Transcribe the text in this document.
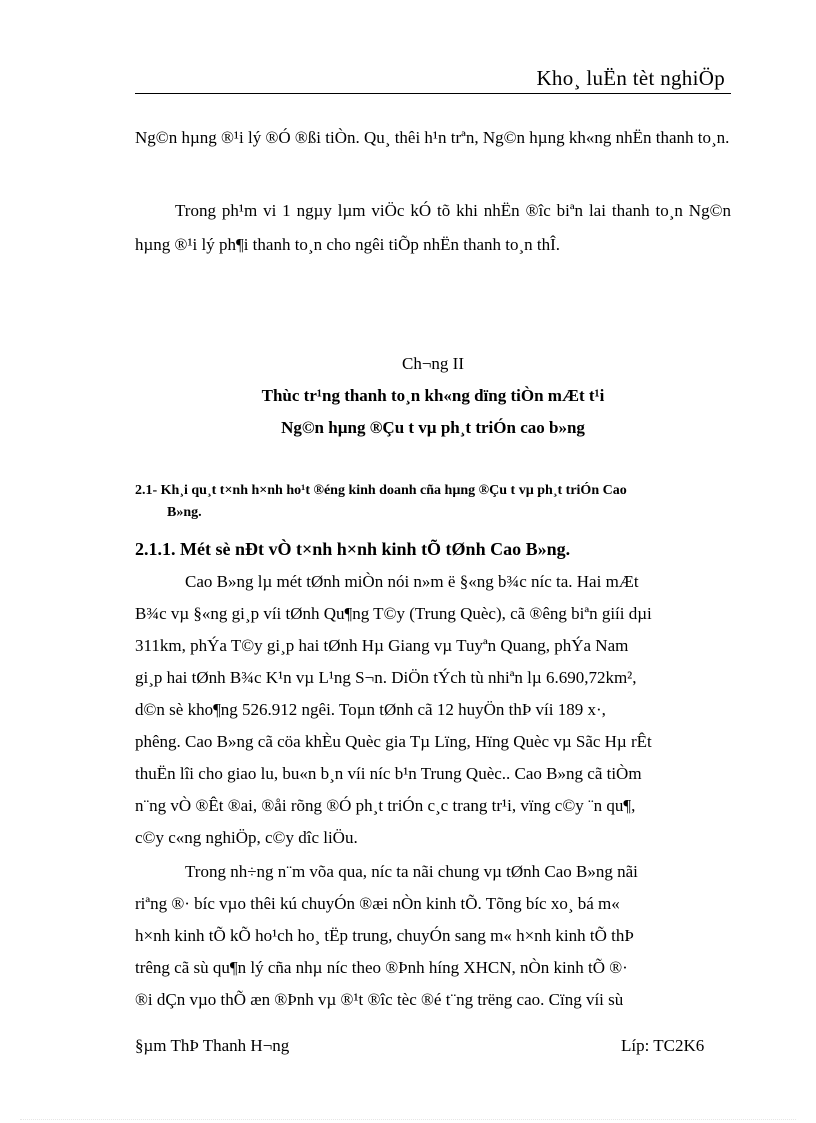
Kho¸ luËn tèt nghiÖp

Ng©n hµng ®¹i lý ®Ó ®ßi tiÒn. Qu¸ thêi h¹n trªn, Ng©n hµng kh«ng nhËn thanh to¸n.

Trong ph¹m vi 1 ngµy lµm viÖc kÓ tõ khi nhËn ®îc biªn lai thanh to¸n Ng©n hµng ®¹i lý ph¶i thanh to¸n cho ngêi tiÕp nhËn thanh to¸n thÎ.

Ch¬ng II
Thùc tr¹ng thanh to¸n kh«ng dïng tiÒn mÆt t¹i
Ng©n hµng ®Çu t vµ ph¸t triÓn cao b»ng
2.1- Kh¸i qu¸t t×nh h×nh ho¹t ®éng kinh doanh cña hµng ®Çu t vµ ph¸t triÓn Cao
B»ng.
2.1.1. Mét sè nÐt vÒ t×nh h×nh kinh tÕ tØnh Cao B»ng.
Cao B»ng lµ mét tØnh miÒn nói n»m ë §«ng b¾c níc ta. Hai mÆt
B¾c vµ §«ng gi¸p víi tØnh Qu¶ng T©y (Trung Quèc), cã ®êng biªn giíi dµi
311km, phÝa T©y gi¸p hai tØnh Hµ Giang vµ Tuyªn Quang, phÝa Nam
gi¸p hai tØnh B¾c K¹n vµ L¹ng S¬n. DiÖn tÝch tù nhiªn lµ 6.690,72km²,
d©n sè kho¶ng 526.912 ngêi. Toµn tØnh cã 12 huyÖn thÞ víi 189 x·,
phêng. Cao B»ng cã cöa khÈu Quèc gia Tµ Lïng, Hïng Quèc vµ Sãc Hµ rÊt
thuËn lîi cho giao lu, bu«n b¸n víi níc b¹n Trung Quèc.. Cao B»ng cã tiÒm
n¨ng vÒ ®Êt ®ai, ®åi rõng ®Ó ph¸t triÓn c¸c trang tr¹i, vïng c©y ¨n qu¶,
c©y c«ng nghiÖp, c©y dîc liÖu.
Trong nh÷ng n¨m võa qua, níc ta nãi chung vµ tØnh Cao B»ng nãi
riªng ®· bíc vµo thêi kú chuyÓn ®æi nÒn kinh tÕ. Tõng bíc xo¸ bá m«
h×nh kinh tÕ kÕ ho¹ch ho¸ tËp trung, chuyÓn sang m« h×nh kinh tÕ thÞ
trêng cã sù qu¶n lý cña nhµ níc theo ®Þnh híng XHCN, nÒn kinh tÕ ®·
®i dÇn vµo thÕ æn ®Þnh vµ ®¹t ®îc tèc ®é t¨ng trëng cao. Cïng víi sù
§µm ThÞ Thanh H¬ng	Líp: TC2K6
